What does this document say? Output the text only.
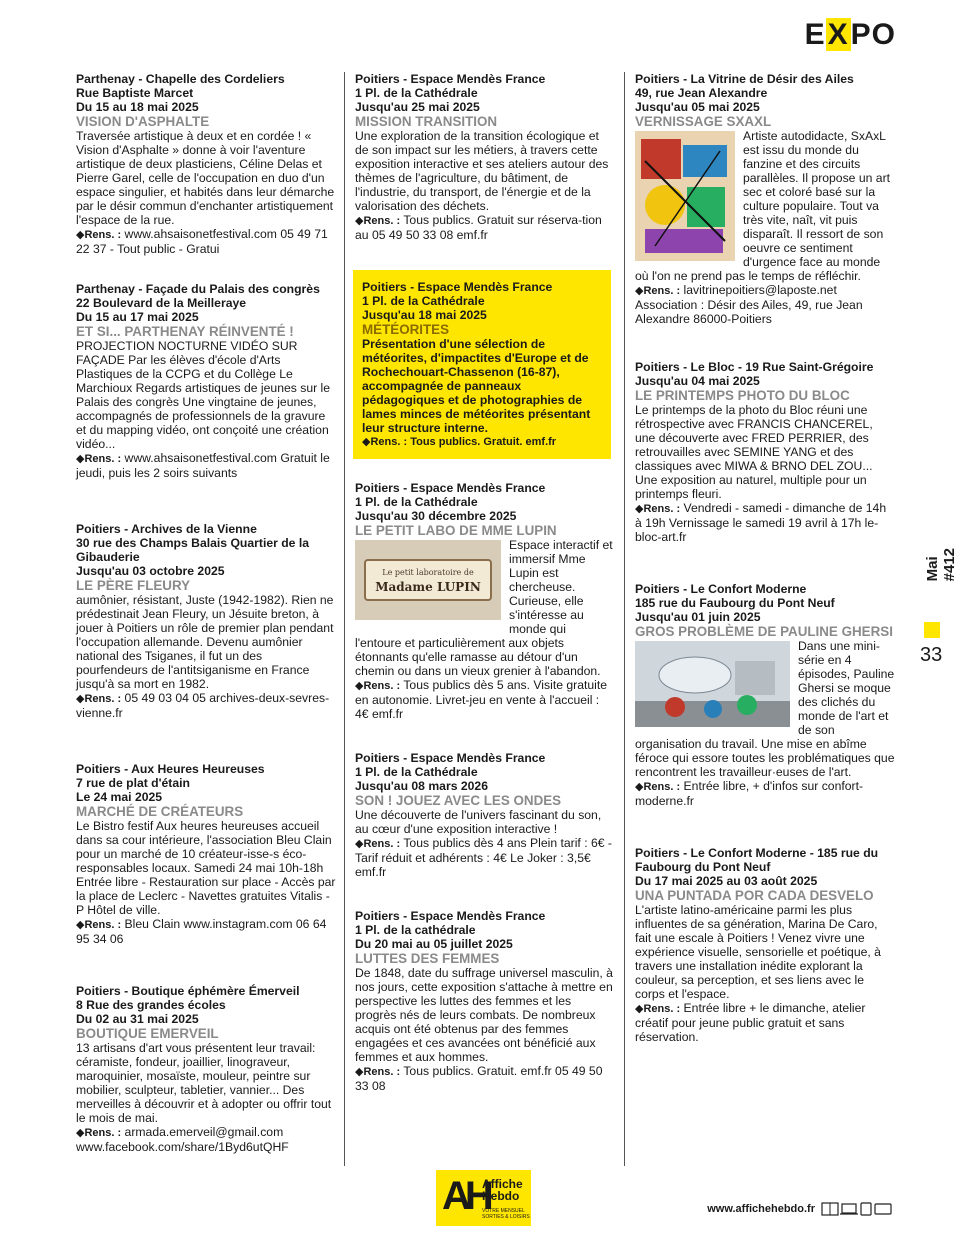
EXPO
Parthenay - Chapelle des Cordeliers
Rue Baptiste Marcet
Du 15 au 18 mai 2025
VISION D'ASPHALTE
Traversée artistique à deux et en cordée ! « Vision d'Asphalte » donne à voir l'aventure artistique de deux plasticiens, Céline Delas et Pierre Garel, celle de l'occupation en duo d'un espace singulier, et habités dans leur démarche par le désir commun d'enchanter artistiquement l'espace de la rue.
◆Rens. : www.ahsaisonetfestival.com 05 49 71 22 37 - Tout public - Gratui
Parthenay - Façade du Palais des congrès
22 Boulevard de la Meilleraye
Du 15 au 17 mai 2025
ET SI... PARTHENAY RÉINVENTÉ !
PROJECTION NOCTURNE VIDÉO SUR FAÇADE Par les élèves d'école d'Arts Plastiques de la CCPG et du Collège Le Marchioux Regards artistiques de jeunes sur le Palais des congrès Une vingtaine de jeunes, accompagnés de professionnels de la gravure et du mapping vidéo, ont conçoité une création vidéo...
◆Rens. : www.ahsaisonetfestival.com Gratuit le jeudi, puis les 2 soirs suivants
Poitiers - Archives de la Vienne
30 rue des Champs Balais Quartier de la Gibauderie
Jusqu'au 03 octobre 2025
LE PÈRE FLEURY
aumônier, résistant, Juste (1942-1982). Rien ne prédestinait Jean Fleury, un Jésuite breton, à jouer à Poitiers un rôle de premier plan pendant l'occupation allemande. Devenu aumônier national des Tsiganes, il fut un des pourfendeurs de l'antitsiganisme en France jusqu'à sa mort en 1982.
◆Rens. : 05 49 03 04 05 archives-deux-sevres-vienne.fr
Poitiers - Aux Heures Heureuses
7 rue de plat d'étain
Le 24 mai 2025
MARCHÉ DE CRÉATEURS
Le Bistro festif Aux heures heureuses accueil dans sa cour intérieure, l'association Bleu Clain pour un marché de 10 créateur-isse-s éco-responsables locaux. Samedi 24 mai 10h-18h Entrée libre - Restauration sur place - Accès par la place de Leclerc - Navettes gratuites Vitalis - P Hôtel de ville.
◆Rens. : Bleu Clain www.instagram.com 06 64 95 34 06
Poitiers - Boutique éphémère Émerveil
8 Rue des grandes écoles
Du 02 au 31 mai 2025
BOUTIQUE EMERVEIL
13 artisans d'art vous présentent leur travail: céramiste, fondeur, joaillier, linograveur, maroquinier, mosaïste, mouleur, peintre sur mobilier, sculpteur, tabletier, vannier... Des merveilles à découvrir et à adopter ou offrir tout le mois de mai.
◆Rens. : armada.emerveil@gmail.com www.facebook.com/share/1Byd6utQHF
Poitiers - Espace Mendès France
1 Pl. de la Cathédrale
Jusqu'au 25 mai 2025
MISSION TRANSITION
Une exploration de la transition écologique et de son impact sur les métiers, à travers cette exposition interactive et ses ateliers autour des thèmes de l'agriculture, du bâtiment, de l'industrie, du transport, de l'énergie et de la valorisation des déchets.
◆Rens. : Tous publics. Gratuit sur réserva-tion au 05 49 50 33 08 emf.fr
Poitiers - Espace Mendès France
1 Pl. de la Cathédrale
Jusqu'au 18 mai 2025
MÉTÉORITES
Présentation d'une sélection de météorites, d'impactites d'Europe et de Rochechouart-Chassenon (16-87), accompagnée de panneaux pédagogiques et de photographies de lames minces de météorites présentant leur structure interne.
◆Rens. : Tous publics. Gratuit. emf.fr
Poitiers - Espace Mendès France
1 Pl. de la Cathédrale
Jusqu'au 30 décembre 2025
LE PETIT LABO DE MME LUPIN
Le petit laboratoire de
Madame LUPIN
Espace interactif et immersif Mme Lupin est chercheuse. Curieuse, elle s'intéresse au monde qui l'entoure et particulièrement aux objets étonnants qu'elle ramasse au détour d'un chemin ou dans un vieux grenier à l'abandon.
◆Rens. : Tous publics dès 5 ans. Visite gratuite en autonomie. Livret-jeu en vente à l'accueil : 4€ emf.fr
Poitiers - Espace Mendès France
1 Pl. de la Cathédrale
Jusqu'au 08 mars 2026
SON ! JOUEZ AVEC LES ONDES
Une découverte de l'univers fascinant du son, au cœur d'une exposition interactive !
◆Rens. : Tous publics dès 4 ans Plein tarif : 6€ - Tarif réduit et adhérents : 4€ Le Joker : 3,5€ emf.fr
Poitiers - Espace Mendès France
1 Pl. de la cathédrale
Du 20 mai au 05 juillet 2025
LUTTES DES FEMMES
De 1848, date du suffrage universel masculin, à nos jours, cette exposition s'attache à mettre en perspective les luttes des femmes et les progrès nés de leurs combats. De nombreux acquis ont été obtenus par des femmes engagées et ces avancées ont bénéficié aux femmes et aux hommes.
◆Rens. : Tous publics. Gratuit. emf.fr 05 49 50 33 08
Poitiers - La Vitrine de Désir des Ailes
49, rue Jean Alexandre
Jusqu'au 05 mai 2025
VERNISSAGE SXAXL
Artiste autodidacte, SxAxL est issu du monde du fanzine et des circuits parallèles. Il propose un art sec et coloré basé sur la culture populaire. Tout va très vite, naît, vit puis disparaît. Il ressort de son oeuvre ce sentiment d'urgence face au monde où l'on ne prend pas le temps de réfléchir.
◆Rens. : lavitrinepoitiers@laposte.net Association : Désir des Ailes, 49, rue Jean Alexandre 86000-Poitiers
Poitiers - Le Bloc - 19 Rue Saint-Grégoire
Jusqu'au 04 mai 2025
LE PRINTEMPS PHOTO DU BLOC
Le printemps de la photo du Bloc réuni une rétrospective avec FRANCIS CHANCEREL, une découverte avec FRED PERRIER, des retrouvailles avec SEMINE YANG et des classiques avec MIWA & BRNO DEL ZOU... Une exposition au naturel, multiple pour un printemps fleuri.
◆Rens. : Vendredi - samedi - dimanche de 14h à 19h Vernissage le samedi 19 avril à 17h le-bloc-art.fr
Poitiers - Le Confort Moderne
185 rue du Faubourg du Pont Neuf
Jusqu'au 01 juin 2025
GROS PROBLÈME DE PAULINE GHERSI
Dans une mini-série en 4 épisodes, Pauline Ghersi se moque des clichés du monde de l'art et de son organisation du travail. Une mise en abîme féroce qui essore toutes les problématiques que rencontrent les travailleur·euses de l'art.
◆Rens. : Entrée libre, + d'infos sur confort-moderne.fr
Poitiers - Le Confort Moderne - 185 rue du Faubourg du Pont Neuf
Du 17 mai 2025 au 03 août 2025
UNA PUNTADA POR CADA DESVELO
L'artiste latino-américaine parmi les plus influentes de sa génération, Marina De Caro, fait une escale à Poitiers ! Venez vivre une expérience visuelle, sensorielle et poétique, à travers une installation inédite explorant la couleur, sa perception, et ses liens avec le corps et l'espace.
◆Rens. : Entrée libre + le dimanche, atelier créatif pour jeune public gratuit et sans réservation.
Mai #412
33
AH
Affiche
Hebdo
VOTRE MENSUEL SORTIES & LOISIRS
www.affichehebdo.fr
